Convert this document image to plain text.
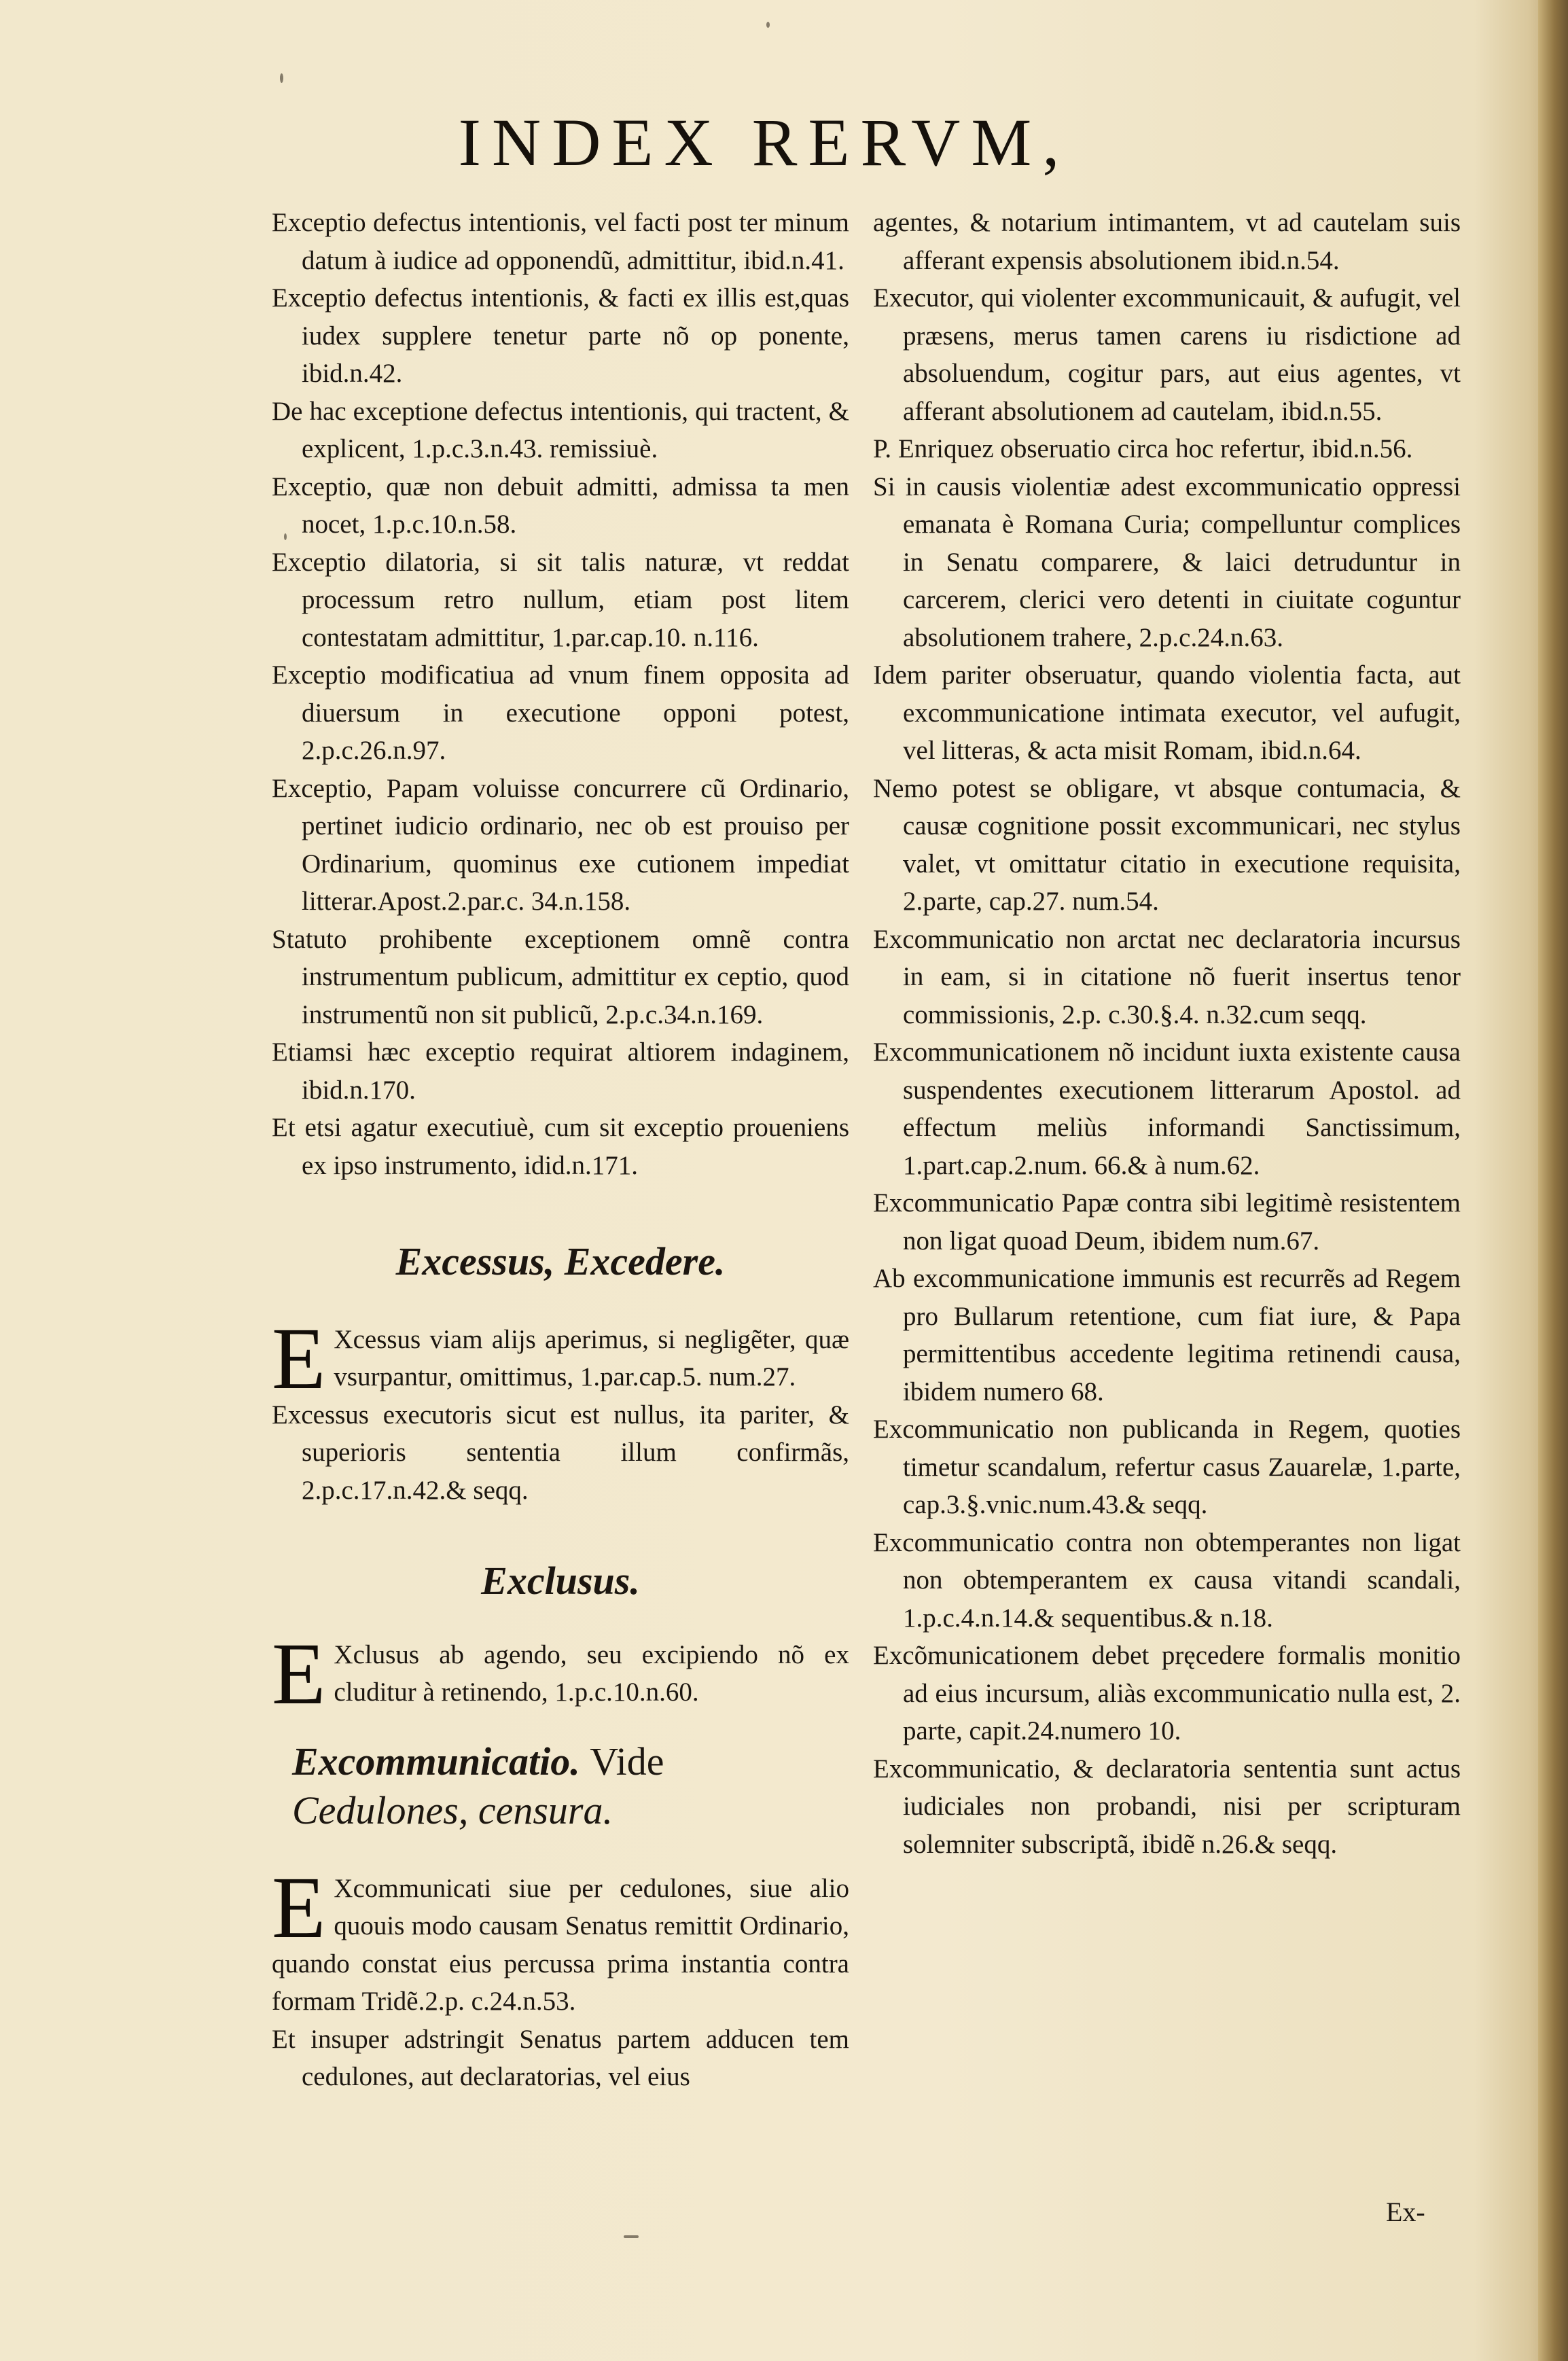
INDEX RERVM,

Exceptio defectus intentionis, vel facti post ter minum datum à iudice ad opponendũ, admittitur, ibid.n.41.

Exceptio defectus intentionis, & facti ex illis est,quas iudex supplere tenetur parte nõ op ponente, ibid.n.42.

De hac exceptione defectus intentionis, qui tractent, & explicent, 1.p.c.3.n.43. remissiuè.

Exceptio, quæ non debuit admitti, admissa ta men nocet, 1.p.c.10.n.58.

Exceptio dilatoria, si sit talis naturæ, vt reddat processum retro nullum, etiam post litem contestatam admittitur, 1.par.cap.10. n.116.

Exceptio modificatiua ad vnum finem opposita ad diuersum in executione opponi potest, 2.p.c.26.n.97.

Exceptio, Papam voluisse concurrere cũ Ordinario, pertinet iudicio ordinario, nec ob est prouiso per Ordinarium, quominus exe cutionem impediat litterar.Apost.2.par.c. 34.n.158.

Statuto prohibente exceptionem omnẽ contra instrumentum publicum, admittitur ex ceptio, quod instrumentũ non sit publicũ, 2.p.c.34.n.169.

Etiamsi hæc exceptio requirat altiorem indaginem, ibid.n.170.

Et etsi agatur executiuè, cum sit exceptio proueniens ex ipso instrumento, idid.n.171.

Excessus, Excedere.

E Xcessus viam alijs aperimus, si negligẽter, quæ vsurpantur, omittimus, 1.par.cap.5. num.27.

Excessus executoris sicut est nullus, ita pariter, & superioris sententia illum confirmãs, 2.p.c.17.n.42.& seqq.

Exclusus.

E Xclusus ab agendo, seu excipiendo nõ ex cluditur à retinendo, 1.p.c.10.n.60.

Excommunicatio. Vide Cedulones, censura.

E Xcommunicati siue per cedulones, siue alio quouis modo causam Senatus remittit Ordinario, quando constat eius percussa prima instantia contra formam Tridẽ.2.p. c.24.n.53.

Et insuper adstringit Senatus partem adducen tem cedulones, aut declaratorias, vel eius

agentes, & notarium intimantem, vt ad cautelam suis afferant expensis absolutionem ibid.n.54.

Executor, qui violenter excommunicauit, & aufugit, vel præsens, merus tamen carens iu risdictione ad absoluendum, cogitur pars, aut eius agentes, vt afferant absolutionem ad cautelam, ibid.n.55.

P. Enriquez obseruatio circa hoc refertur, ibid.n.56.

Si in causis violentiæ adest excommunicatio oppressi emanata è Romana Curia; compelluntur complices in Senatu comparere, & laici detruduntur in carcerem, clerici vero detenti in ciuitate coguntur absolutionem trahere, 2.p.c.24.n.63.

Idem pariter obseruatur, quando violentia facta, aut excommunicatione intimata executor, vel aufugit, vel litteras, & acta misit Romam, ibid.n.64.

Nemo potest se obligare, vt absque contumacia, & causæ cognitione possit excommunicari, nec stylus valet, vt omittatur citatio in executione requisita, 2.parte, cap.27. num.54.

Excommunicatio non arctat nec declaratoria incursus in eam, si in citatione nõ fuerit insertus tenor commissionis, 2.p. c.30.§.4. n.32.cum seqq.

Excommunicationem nõ incidunt iuxta existente causa suspendentes executionem litterarum Apostol. ad effectum meliùs informandi Sanctissimum, 1.part.cap.2.num. 66.& à num.62.

Excommunicatio Papæ contra sibi legitimè resistentem non ligat quoad Deum, ibidem num.67.

Ab excommunicatione immunis est recurrẽs ad Regem pro Bullarum retentione, cum fiat iure, & Papa permittentibus accedente legitima retinendi causa, ibidem numero 68.

Excommunicatio non publicanda in Regem, quoties timetur scandalum, refertur casus Zauarelæ, 1.parte, cap.3.§.vnic.num.43.& seqq.

Excommunicatio contra non obtemperantes non ligat non obtemperantem ex causa vitandi scandali, 1.p.c.4.n.14.& sequentibus.& n.18.

Excõmunicationem debet pręcedere formalis monitio ad eius incursum, aliàs excommunicatio nulla est, 2. parte, capit.24.numero 10.

Excommunicatio, & declaratoria sententia sunt actus iudiciales non probandi, nisi per scripturam solemniter subscriptã, ibidẽ n.26.& seqq.

Ex-
